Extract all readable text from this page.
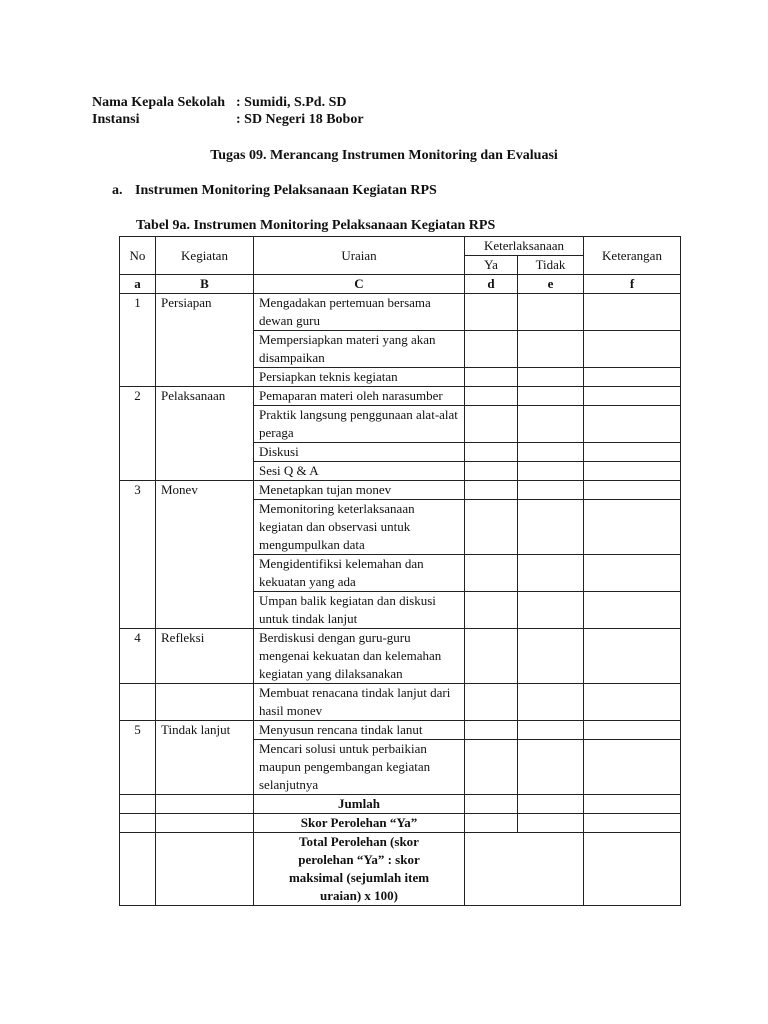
Nama Kepala Sekolah : Sumidi, S.Pd. SD
Instansi	: SD Negeri 18 Bobor
Tugas 09. Merancang Instrumen Monitoring dan Evaluasi
a. Instrumen Monitoring Pelaksanaan Kegiatan RPS
Tabel 9a. Instrumen Monitoring Pelaksanaan Kegiatan RPS
No	Kegiatan	Uraian	Keterlaksanaan		Keterangan
			Ya	Tidak	
a	B	C	d	e	f
1	Persiapan	Mengadakan pertemuan bersama dewan guru			
		Mempersiapkan materi yang akan disampaikan			
		Persiapkan teknis kegiatan			
2	Pelaksanaan	Pemaparan materi oleh narasumber			
		Praktik langsung penggunaan alat-alat peraga			
		Diskusi			
		Sesi Q & A			
3	Monev	Menetapkan tujan monev			
		Memonitoring keterlaksanaan kegiatan dan observasi untuk mengumpulkan data			
		Mengidentifiksi kelemahan dan kekuatan yang ada			
		Umpan balik kegiatan dan diskusi untuk tindak lanjut			
4	Refleksi	Berdiskusi dengan guru-guru mengenai kekuatan dan kelemahan kegiatan yang dilaksanakan			
		Membuat renacana tindak lanjut dari hasil monev			
5	Tindak lanjut	Menyusun rencana tindak lanut			
		Mencari solusi untuk perbaikian maupun pengembangan kegiatan selanjutnya			
		Jumlah			
		Skor Perolehan “Ya”			
		Total Perolehan (skor perolehan “Ya” : skor maksimal (sejumlah item uraian) x 100)			
